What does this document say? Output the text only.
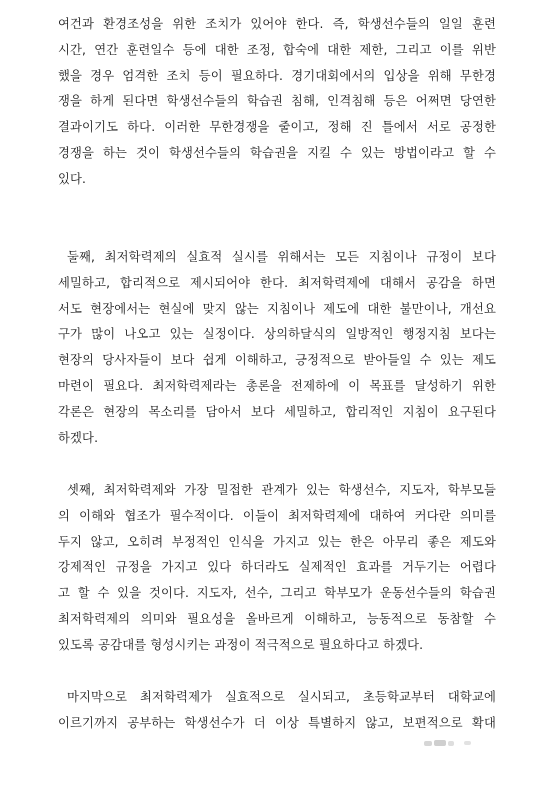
여건과 환경조성을 위한 조치가 있어야 한다. 즉, 학생선수들의 일일 훈련
시간, 연간 훈련일수 등에 대한 조정, 합숙에 대한 제한, 그리고 이를 위반
했을 경우 엄격한 조치 등이 필요하다. 경기대회에서의 입상을 위해 무한경
쟁을 하게 된다면 학생선수들의 학습권 침해, 인격침해 등은 어쩌면 당연한
결과이기도 하다. 이러한 무한경쟁을 줄이고, 정해 진 틀에서 서로 공정한
경쟁을 하는 것이 학생선수들의 학습권을 지킬 수 있는 방법이라고 할 수
있다.
둘째, 최저학력제의 실효적 실시를 위해서는 모든 지침이나 규정이 보다
세밀하고, 합리적으로 제시되어야 한다. 최저학력제에 대해서 공감을 하면
서도 현장에서는 현실에 맞지 않는 지침이나 제도에 대한 불만이나, 개선요
구가 많이 나오고 있는 실정이다. 상의하달식의 일방적인 행정지침 보다는
현장의 당사자들이 보다 쉽게 이해하고, 긍정적으로 받아들일 수 있는 제도
마련이 필요다. 최저학력제라는 총론을 전제하에 이 목표를 달성하기 위한
각론은 현장의 목소리를 담아서 보다 세밀하고, 합리적인 지침이 요구된다
하겠다.
셋째, 최저학력제와 가장 밀접한 관계가 있는 학생선수, 지도자, 학부모들
의 이해와 협조가 필수적이다. 이들이 최저학력제에 대하여 커다란 의미를
두지 않고, 오히려 부정적인 인식을 가지고 있는 한은 아무리 좋은 제도와
강제적인 규정을 가지고 있다 하더라도 실제적인 효과를 거두기는 어렵다
고 할 수 있을 것이다. 지도자, 선수, 그리고 학부모가 운동선수들의 학습권
최저학력제의 의미와 필요성을 올바르게 이해하고, 능동적으로 동참할 수
있도록 공감대를 형성시키는 과정이 적극적으로 필요하다고 하겠다.
마지막으로 최저학력제가 실효적으로 실시되고, 초등학교부터 대학교에
이르기까지 공부하는 학생선수가 더 이상 특별하지 않고, 보편적으로 확대
